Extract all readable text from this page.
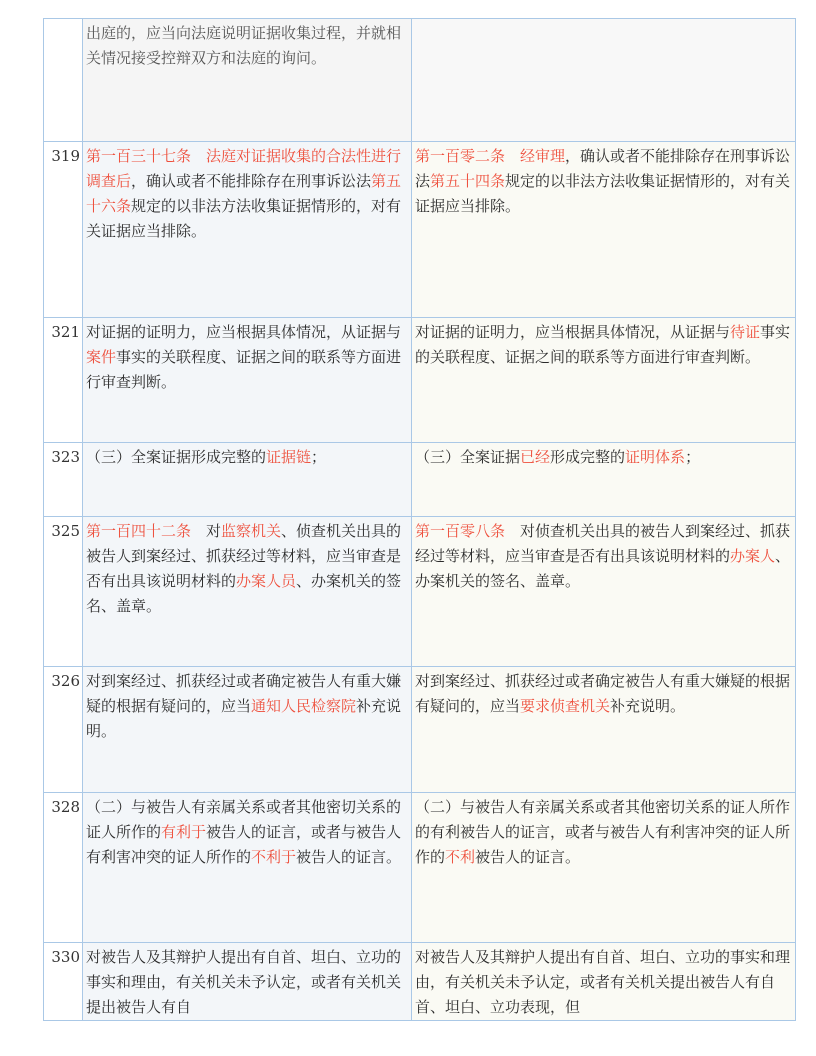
	出庭的，应当向法庭说明证据收集过程，并就相关情况接受控辩双方和法庭的询问。	
319	第一百三十七条　法庭对证据收集的合法性进行调查后，确认或者不能排除存在刑事诉讼法第五十六条规定的以非法方法收集证据情形的，对有关证据应当排除。	第一百零二条　经审理，确认或者不能排除存在刑事诉讼法第五十四条规定的以非法方法收集证据情形的，对有关证据应当排除。
321	对证据的证明力，应当根据具体情况，从证据与案件事实的关联程度、证据之间的联系等方面进行审查判断。	对证据的证明力，应当根据具体情况，从证据与待证事实的关联程度、证据之间的联系等方面进行审查判断。
323	（三）全案证据形成完整的证据链；	（三）全案证据已经形成完整的证明体系；
325	第一百四十二条　对监察机关、侦查机关出具的被告人到案经过、抓获经过等材料，应当审查是否有出具该说明材料的办案人员、办案机关的签名、盖章。	第一百零八条　对侦查机关出具的被告人到案经过、抓获经过等材料，应当审查是否有出具该说明材料的办案人、办案机关的签名、盖章。
326	对到案经过、抓获经过或者确定被告人有重大嫌疑的根据有疑问的，应当通知人民检察院补充说明。	对到案经过、抓获经过或者确定被告人有重大嫌疑的根据有疑问的，应当要求侦查机关补充说明。
328	（二）与被告人有亲属关系或者其他密切关系的证人所作的有利于被告人的证言，或者与被告人有利害冲突的证人所作的不利于被告人的证言。	（二）与被告人有亲属关系或者其他密切关系的证人所作的有利被告人的证言，或者与被告人有利害冲突的证人所作的不利被告人的证言。
330	对被告人及其辩护人提出有自首、坦白、立功的事实和理由，有关机关未予认定，或者有关机关提出被告人有自	对被告人及其辩护人提出有自首、坦白、立功的事实和理由，有关机关未予认定，或者有关机关提出被告人有自首、坦白、立功表现，但
